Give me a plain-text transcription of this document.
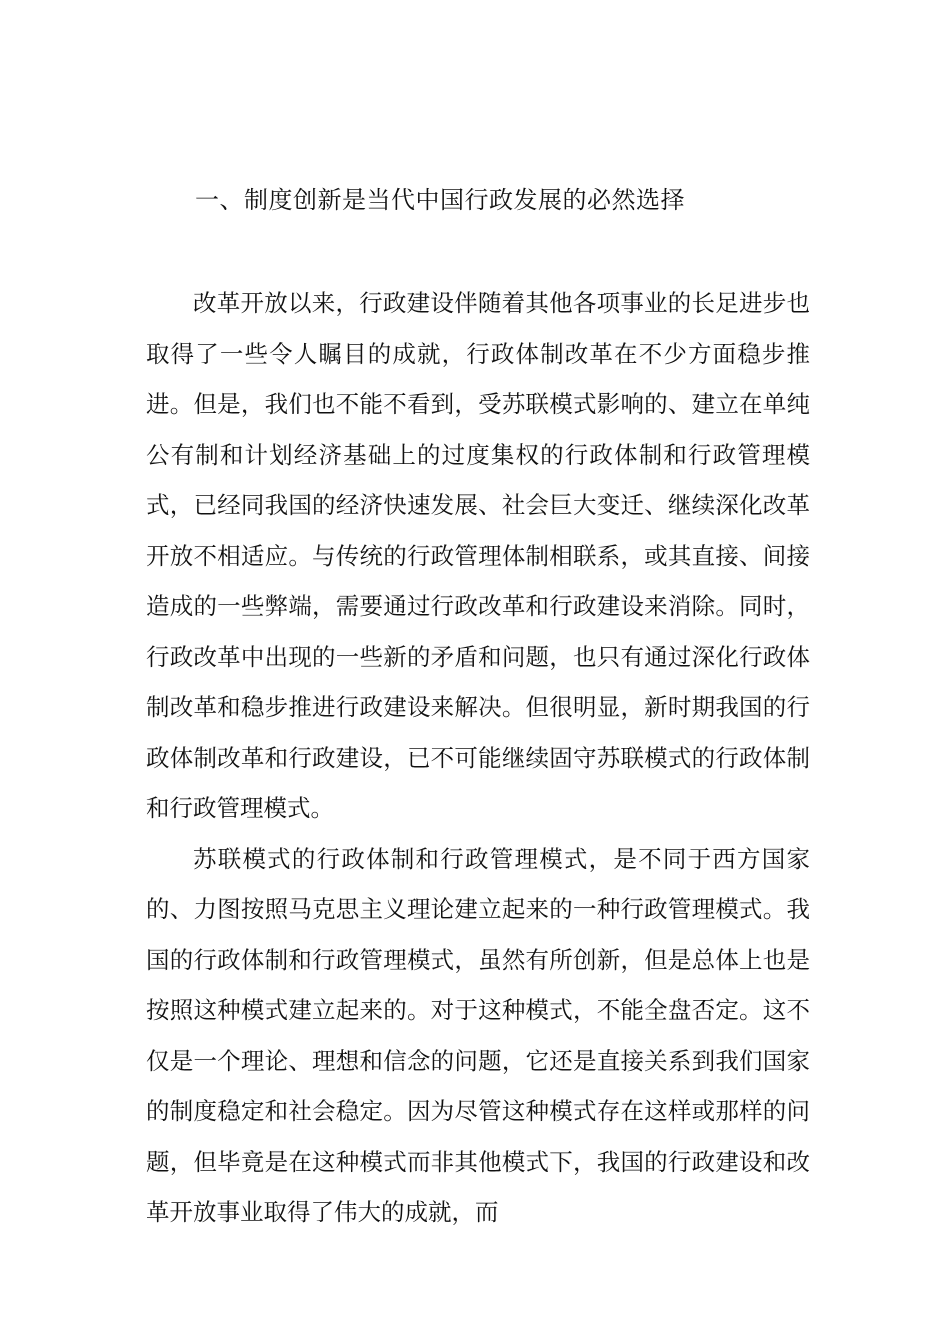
一、制度创新是当代中国行政发展的必然选择

改革开放以来，行政建设伴随着其他各项事业的长足进步也取得了一些令人瞩目的成就，行政体制改革在不少方面稳步推进。但是，我们也不能不看到，受苏联模式影响的、建立在单纯公有制和计划经济基础上的过度集权的行政体制和行政管理模式，已经同我国的经济快速发展、社会巨大变迁、继续深化改革开放不相适应。与传统的行政管理体制相联系，或其直接、间接造成的一些弊端，需要通过行政改革和行政建设来消除。同时，行政改革中出现的一些新的矛盾和问题，也只有通过深化行政体制改革和稳步推进行政建设来解决。但很明显，新时期我国的行政体制改革和行政建设，已不可能继续固守苏联模式的行政体制和行政管理模式。

苏联模式的行政体制和行政管理模式，是不同于西方国家的、力图按照马克思主义理论建立起来的一种行政管理模式。我国的行政体制和行政管理模式，虽然有所创新，但是总体上也是按照这种模式建立起来的。对于这种模式，不能全盘否定。这不仅是一个理论、理想和信念的问题，它还是直接关系到我们国家的制度稳定和社会稳定。因为尽管这种模式存在这样或那样的问题，但毕竟是在这种模式而非其他模式下，我国的行政建设和改革开放事业取得了伟大的成就，而
